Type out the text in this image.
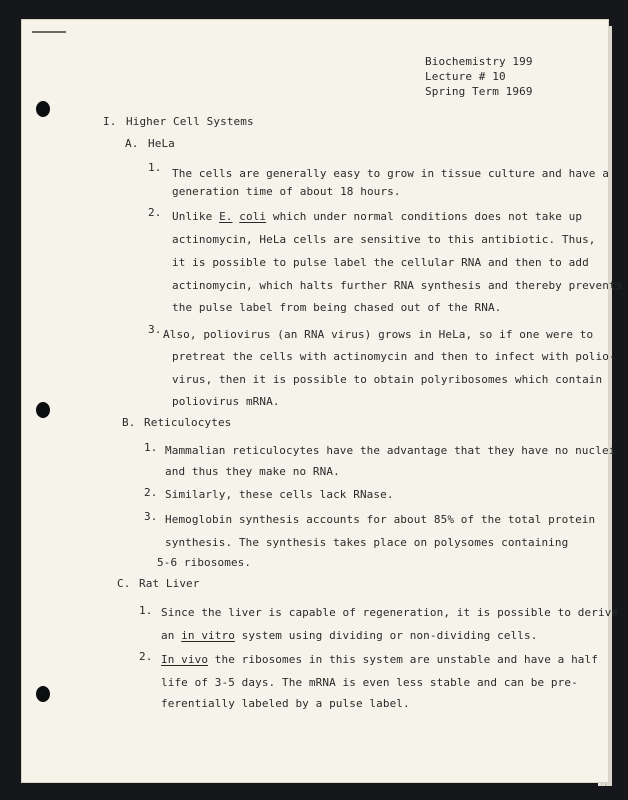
Biochemistry 199
Lecture # 10
Spring Term 1969
I. Higher Cell Systems
A. HeLa
1. The cells are generally easy to grow in tissue culture and have a
generation time of about 18 hours.
2. Unlike E. coli which under normal conditions does not take up
actinomycin, HeLa cells are sensitive to this antibiotic. Thus,
it is possible to pulse label the cellular RNA and then to add
actinomycin, which halts further RNA synthesis and thereby prevents
the pulse label from being chased out of the RNA.
3. Also, poliovirus (an RNA virus) grows in HeLa, so if one were to
pretreat the cells with actinomycin and then to infect with polio-
virus, then it is possible to obtain polyribosomes which contain
poliovirus mRNA.
B. Reticulocytes
1. Mammalian reticulocytes have the advantage that they have no nuclei
and thus they make no RNA.
2. Similarly, these cells lack RNase.
3. Hemoglobin synthesis accounts for about 85% of the total protein
synthesis. The synthesis takes place on polysomes containing
5-6 ribosomes.
C. Rat Liver
1. Since the liver is capable of regeneration, it is possible to derive
an in vitro system using dividing or non-dividing cells.
2. In vivo the ribosomes in this system are unstable and have a half
life of 3-5 days. The mRNA is even less stable and can be pre-
ferentially labeled by a pulse label.
